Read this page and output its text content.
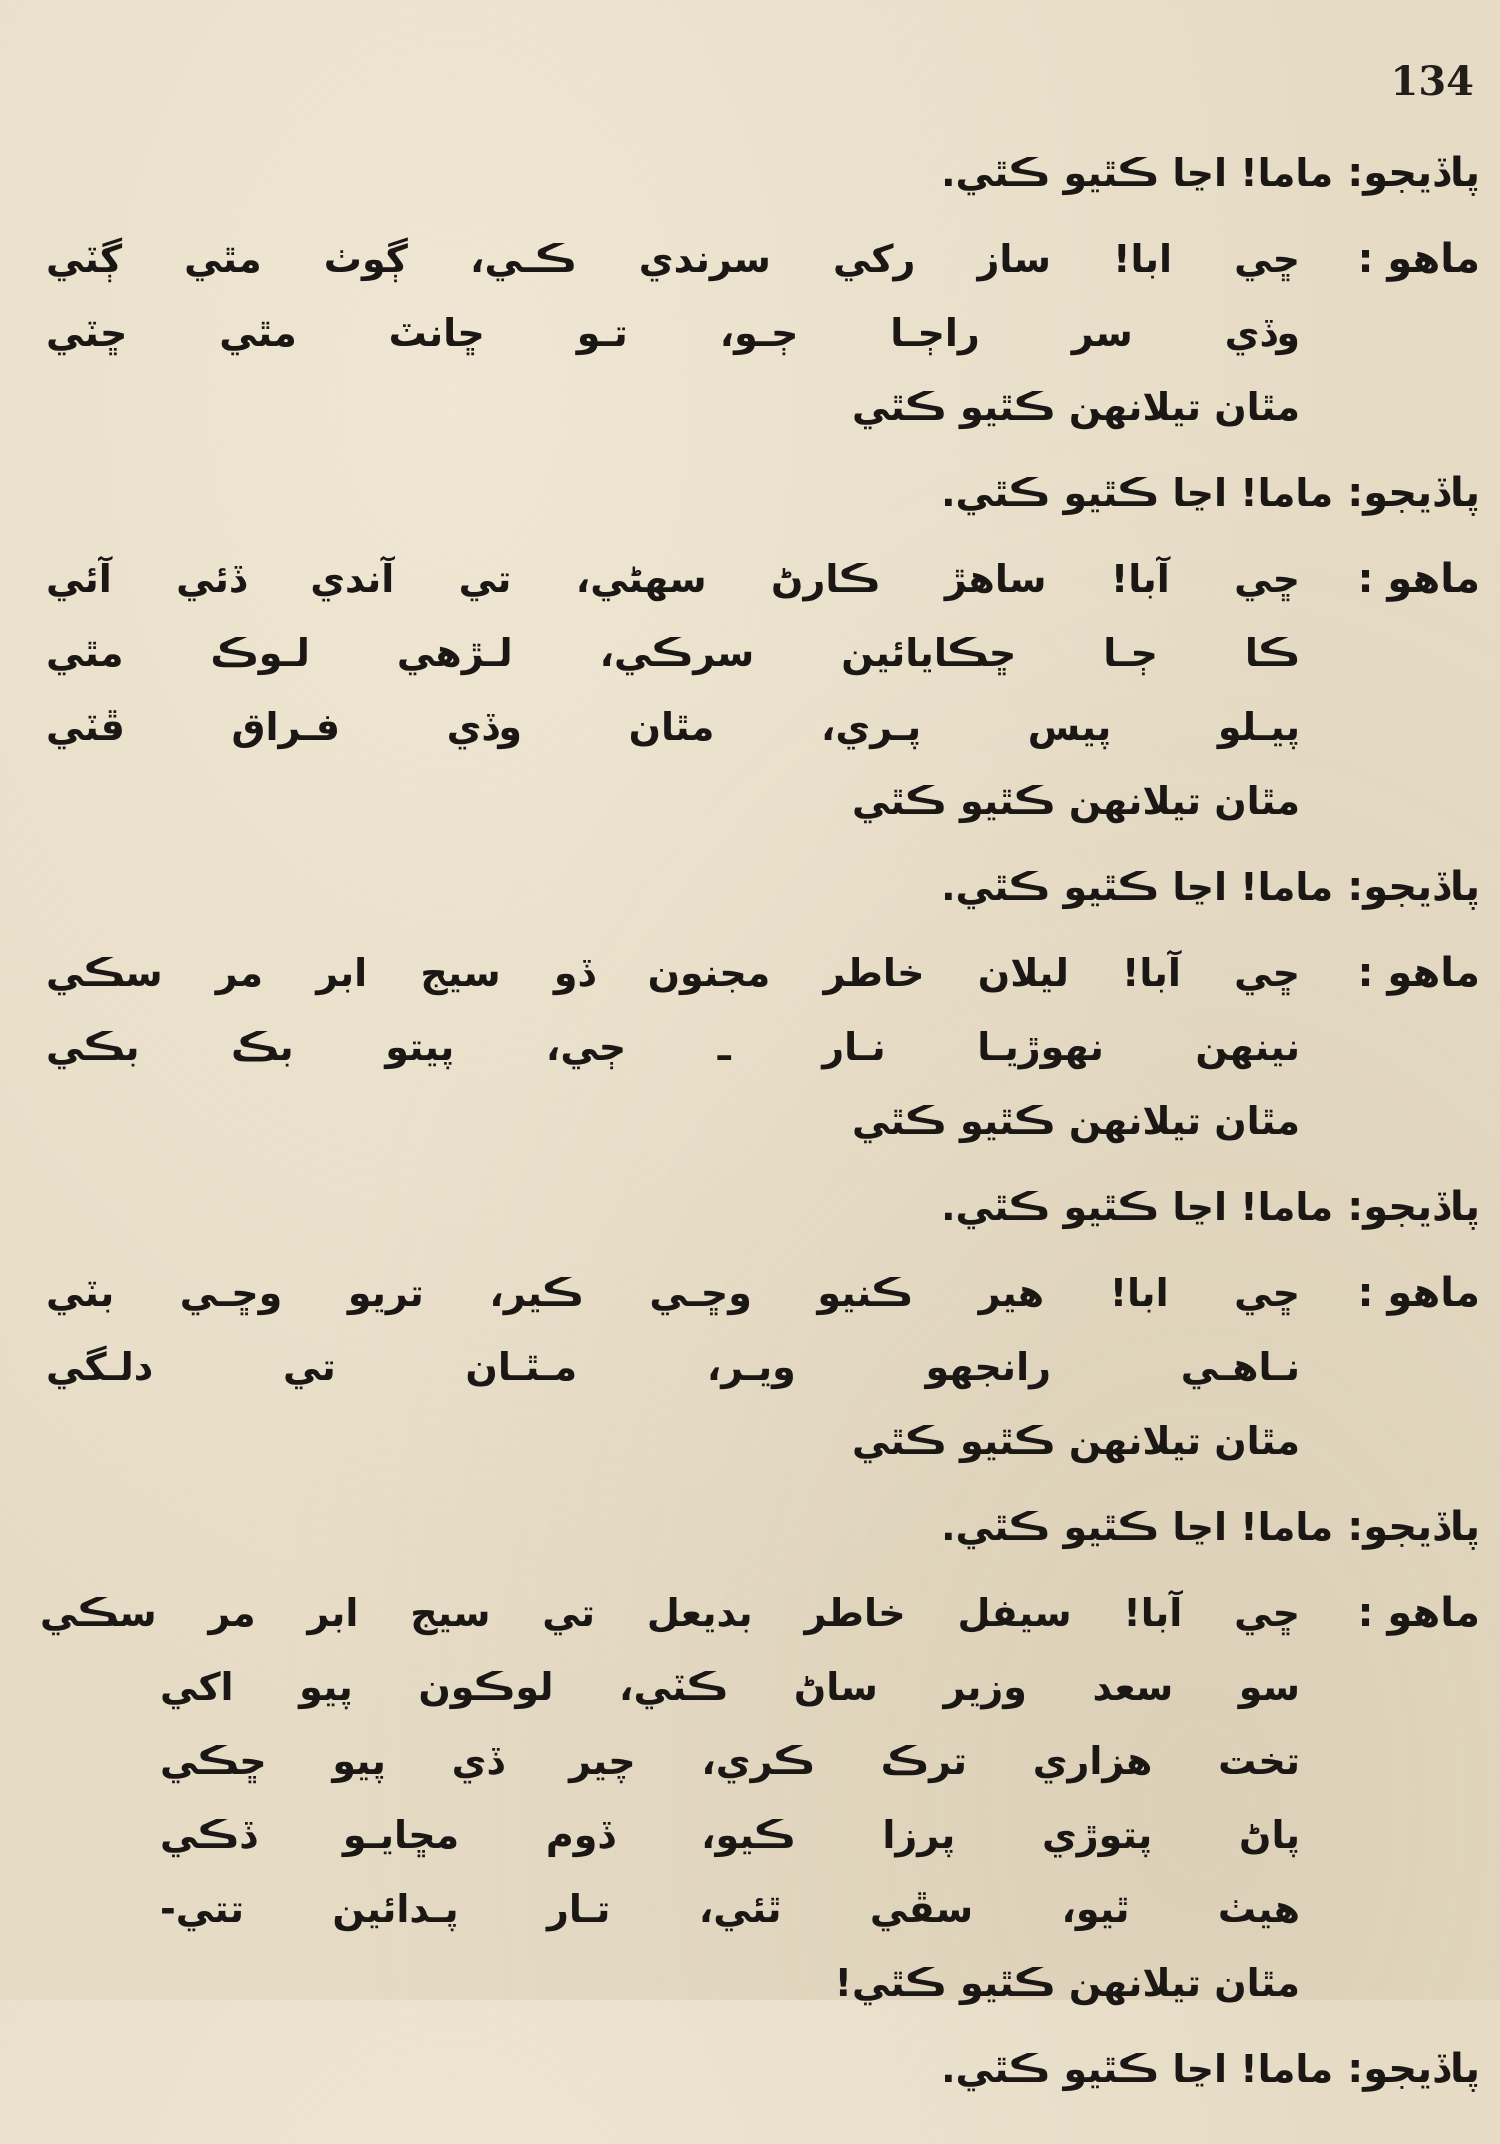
134
پاڏيجو:
ماما! اڃا ڪٿيو ڪٿي.
ماھو :
ڇي ابا! ساز رکي سرندي ڪـي، ڳوٺ مٿي ڳٽي
وڏي سر راڄـا ڄـو، تـو ڇانٽ مٿي ڇٽي
مٿان تيلانهن ڪٿيو ڪٿي
پاڏيجو:
ماما! اڃا ڪٿيو ڪٿي.
ماھو :
ڇي آبا! ساھڙ ڪارڻ سهڻي، تي آندي ڏئي آئي
ڪا ڄـا ڇڪايائين سرڪي، لـڙھي لـوڪ مٿي
پيـلو پيس پـري، مٿان وڏي فـراق ڦٽي
مٿان تيلانهن ڪٿيو ڪٿي
پاڏيجو:
ماما! اڃا ڪٿيو ڪٿي.
ماھو :
ڇي آبا! ليلان خاطر مجنون ڏو سيج ابر مر سڪي
نينهن نهوڙيـا نـار ـ ڄي، پيتو بڪ بڪي
مٿان تيلانهن ڪٿيو ڪٿي
پاڏيجو:
ماما! اڃا ڪٿيو ڪٿي.
ماھو :
ڇي ابا! هير ڪنيو وڇـي ڪير، تريو وڇـي بٽي
نـاھـي رانجهو ويـر، مـٿـان تي دلـگي
مٿان تيلانهن ڪٿيو ڪٿي
پاڏيجو:
ماما! اڃا ڪٿيو ڪٿي.
ماھو :
ڇي آبا! سيفل خاطر بديعل تي سيج ابر مر سڪي
سو سعد وزير ساڻ ڪٽي، لوڪون پيو اکي
تخت هزاري ترڪ ڪري، چير ڏي پيو ڇڪي
پاڻ پتوڙي پرزا ڪيو، ڏوم مڇايـو ڏڪي
هيٺ ٿيو، سڦي ٿئي، تـار پـدائين تتي-
مٿان تيلانهن ڪٿيو ڪٿي!
پاڏيجو:
ماما! اڃا ڪٿيو ڪٿي.
